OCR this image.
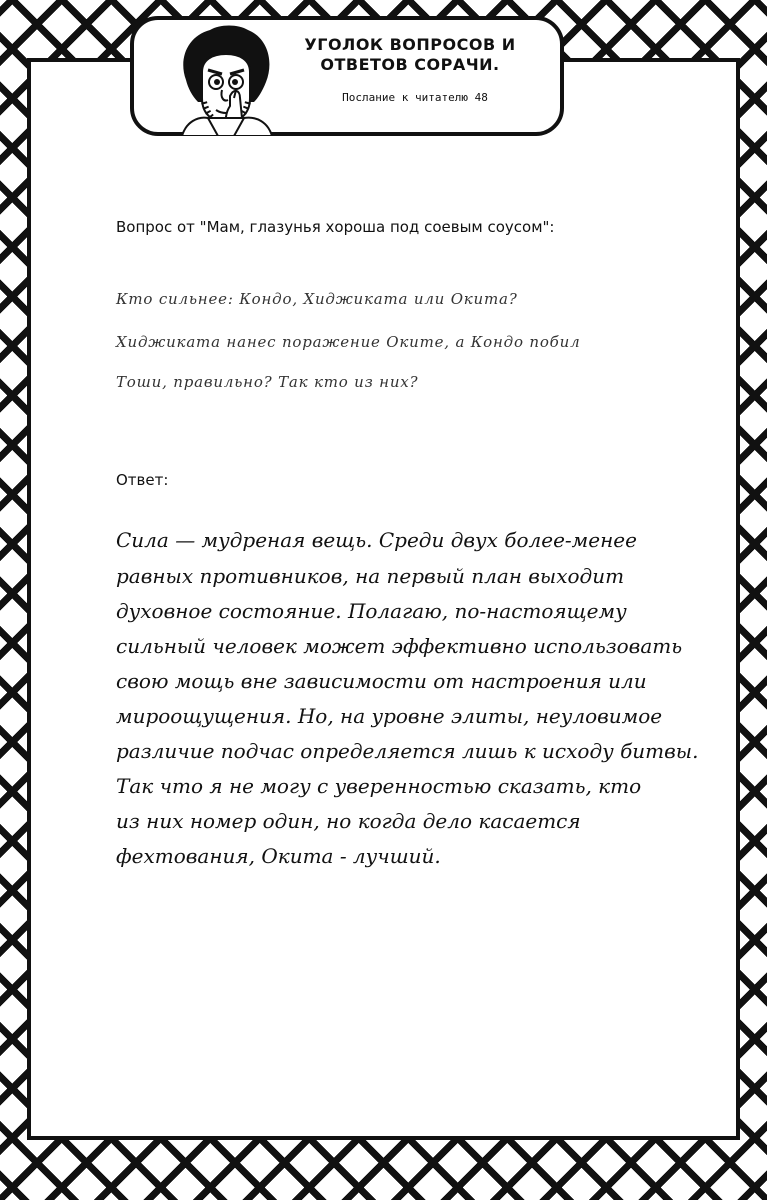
УГОЛОК ВОПРОСОВ И
ОТВЕТОВ СОРАЧИ.
Послание к читателю 48
Вопрос от "Мам, глазунья хороша под соевым соусом":
Кто сильнее: Кондо, Хиджиката или Окита?
Хиджиката нанес поражение Оките, а Кондо побил
Тоши, правильно? Так кто из них?
Ответ:
Сила — мудреная вещь. Среди двух более-менее
равных противников, на первый план выходит
духовное состояние. Полагаю, по-настоящему
сильный человек может эффективно использовать
свою мощь вне зависимости от настроения или
мироощущения. Но, на уровне элиты, неуловимое
различие подчас определяется лишь к исходу битвы.
Так что я не могу с уверенностью сказать, кто
из них номер один, но когда дело касается
фехтования, Окита - лучший.
